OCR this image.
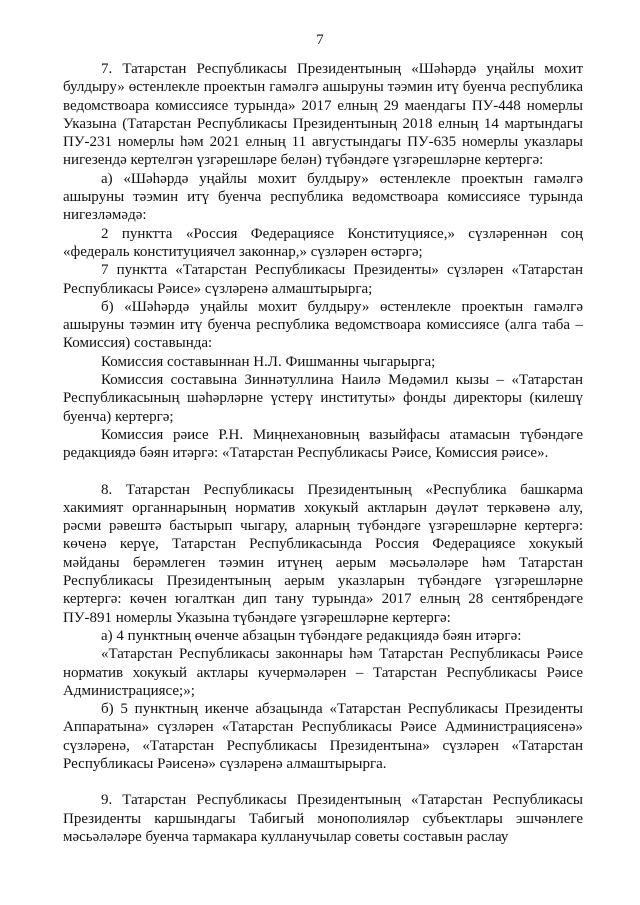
7

7. Татарстан Республикасы Президентының «Шәһәрдә уңайлы мохит булдыру» өстенлекле проектын гамәлгә ашыруны тәэмин итү буенча республика ведомствоара комиссиясе турында» 2017 елның 29 маендагы ПУ-448 номерлы Указына (Татарстан Республикасы Президентының 2018 елның 14 мартындагы ПУ-231 номерлы һәм 2021 елның 11 августындагы ПУ-635 номерлы указлары нигезендә кертелгән үзгәрешләре белән) түбәндәге үзгәрешләрне кертергә:

а) «Шәһәрдә уңайлы мохит булдыру» өстенлекле проектын гамәлгә ашыруны тәэмин итү буенча республика ведомствоара комиссиясе турында нигезләмәдә:

2 пунктта «Россия Федерациясе Конституциясе,» сүзләреннән соң «федераль конституциячел законнар,» сүзләрен өстәргә;

7 пунктта «Татарстан Республикасы Президенты» сүзләрен «Татарстан Республикасы Рәисе» сүзләренә алмаштырырга;

б) «Шәһәрдә уңайлы мохит булдыру» өстенлекле проектын гамәлгә ашыруны тәэмин итү буенча республика ведомствоара комиссиясе (алга таба – Комиссия) составында:

Комиссия составыннан Н.Л. Фишманны чыгарырга;

Комиссия составына Зиннәтуллина Наилә Мөдәмил кызы – «Татарстан Республикасының шәһәрләрне үстерү институты» фонды директоры (килешү буенча) кертергә;

Комиссия рәисе Р.Н. Миңнехановның вазыйфасы атамасын түбәндәге редакциядә бәян итәргә: «Татарстан Республикасы Рәисе, Комиссия рәисе».

8. Татарстан Республикасы Президентының «Республика башкарма хакимият органнарының норматив хокукый актларын дәүләт теркәвенә алу, рәсми рәвештә бастырып чыгару, аларның түбәндәге үзгәрешләрне кертергә: көченә керүе, Татарстан Республикасында Россия Федерациясе хокукый мәйданы берәмлеген тәэмин итүнең аерым мәсьәләләре һәм Татарстан Республикасы Президентының аерым указларын түбәндәге үзгәрешләрне кертергә: көчен югалткан дип тану турында» 2017 елның 28 сентябрендәге ПУ-891 номерлы Указына түбәндәге үзгәрешләрне кертергә:

а) 4 пунктның өченче абзацын түбәндәге редакциядә бәян итәргә:

«Татарстан Республикасы законнары һәм Татарстан Республикасы Рәисе норматив хокукый актлары кучермәләрен – Татарстан Республикасы Рәисе Администрациясе;»;

б) 5 пунктның икенче абзацында «Татарстан Республикасы Президенты Аппаратына» сүзләрен «Татарстан Республикасы Рәисе Администрациясенә» сүзләренә, «Татарстан Республикасы Президентына» сүзләрен «Татарстан Республикасы Рәисенә» сүзләренә алмаштырырга.

9. Татарстан Республикасы Президентының «Татарстан Республикасы Президенты каршындагы Табигый монополияләр субъектлары эшчәнлеге мәсьәләләре буенча тармакара кулланучылар советы составын раслау
